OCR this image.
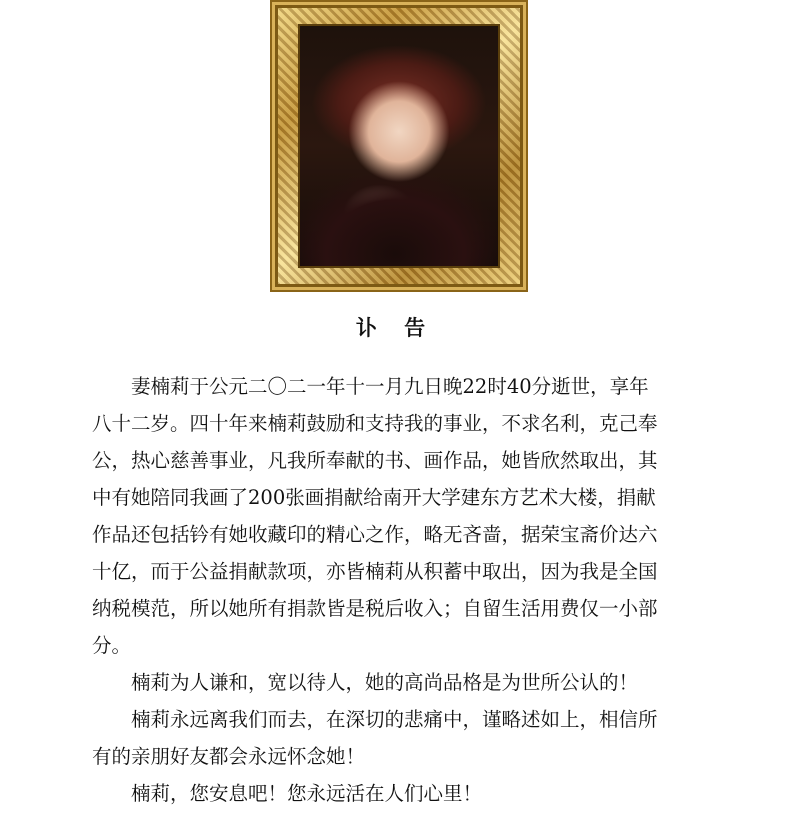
讣 告
妻楠莉于公元二〇二一年十一月九日晚22时40分逝世，享年
八十二岁。四十年来楠莉鼓励和支持我的事业，不求名利，克己奉
公，热心慈善事业，凡我所奉献的书、画作品，她皆欣然取出，其
中有她陪同我画了200张画捐献给南开大学建东方艺术大楼，捐献
作品还包括钤有她收藏印的精心之作，略无吝啬，据荣宝斋价达六
十亿，而于公益捐献款项，亦皆楠莉从积蓄中取出，因为我是全国
纳税模范，所以她所有捐款皆是税后收入；自留生活用费仅一小部
分。
楠莉为人谦和，宽以待人，她的高尚品格是为世所公认的！
楠莉永远离我们而去，在深切的悲痛中，谨略述如上，相信所
有的亲朋好友都会永远怀念她！
楠莉，您安息吧！您永远活在人们心里！
